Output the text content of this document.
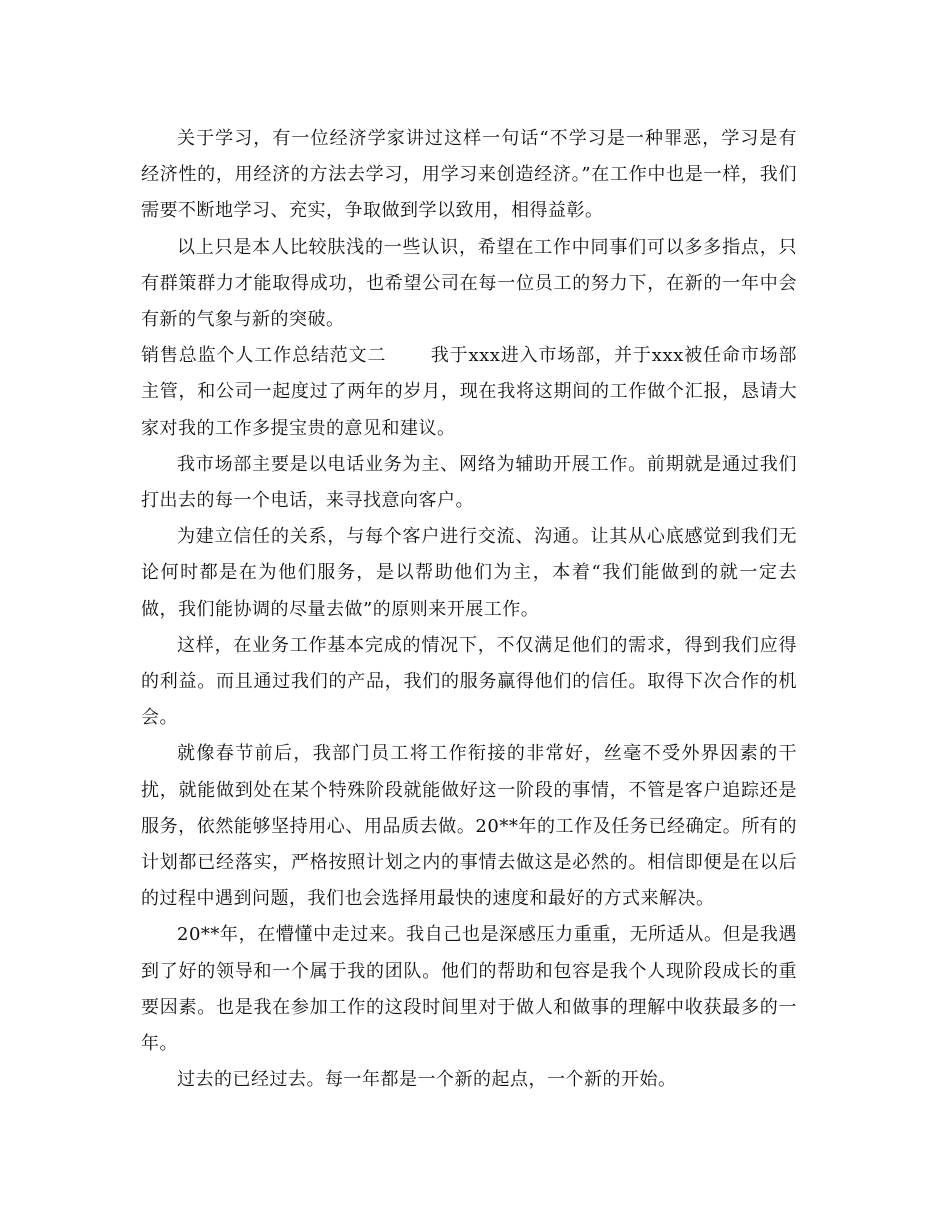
关于学习，有一位经济学家讲过这样一句话“不学习是一种罪恶，学习是有经济性的，用经济的方法去学习，用学习来创造经济。”在工作中也是一样，我们需要不断地学习、充实，争取做到学以致用，相得益彰。

以上只是本人比较肤浅的一些认识，希望在工作中同事们可以多多指点，只有群策群力才能取得成功，也希望公司在每一位员工的努力下，在新的一年中会有新的气象与新的突破。

销售总监个人工作总结范文二 我于xxx进入市场部，并于xxx被任命市场部主管，和公司一起度过了两年的岁月，现在我将这期间的工作做个汇报，恳请大家对我的工作多提宝贵的意见和建议。

我市场部主要是以电话业务为主、网络为辅助开展工作。前期就是通过我们打出去的每一个电话，来寻找意向客户。

为建立信任的关系，与每个客户进行交流、沟通。让其从心底感觉到我们无论何时都是在为他们服务，是以帮助他们为主，本着“我们能做到的就一定去做，我们能协调的尽量去做”的原则来开展工作。

这样，在业务工作基本完成的情况下，不仅满足他们的需求，得到我们应得的利益。而且通过我们的产品，我们的服务赢得他们的信任。取得下次合作的机会。

就像春节前后，我部门员工将工作衔接的非常好，丝毫不受外界因素的干扰，就能做到处在某个特殊阶段就能做好这一阶段的事情，不管是客户追踪还是服务，依然能够坚持用心、用品质去做。20**年的工作及任务已经确定。所有的计划都已经落实，严格按照计划之内的事情去做这是必然的。相信即便是在以后的过程中遇到问题，我们也会选择用最快的速度和最好的方式来解决。

20**年，在懵懂中走过来。我自己也是深感压力重重，无所适从。但是我遇到了好的领导和一个属于我的团队。他们的帮助和包容是我个人现阶段成长的重要因素。也是我在参加工作的这段时间里对于做人和做事的理解中收获最多的一年。

过去的已经过去。每一年都是一个新的起点，一个新的开始。
